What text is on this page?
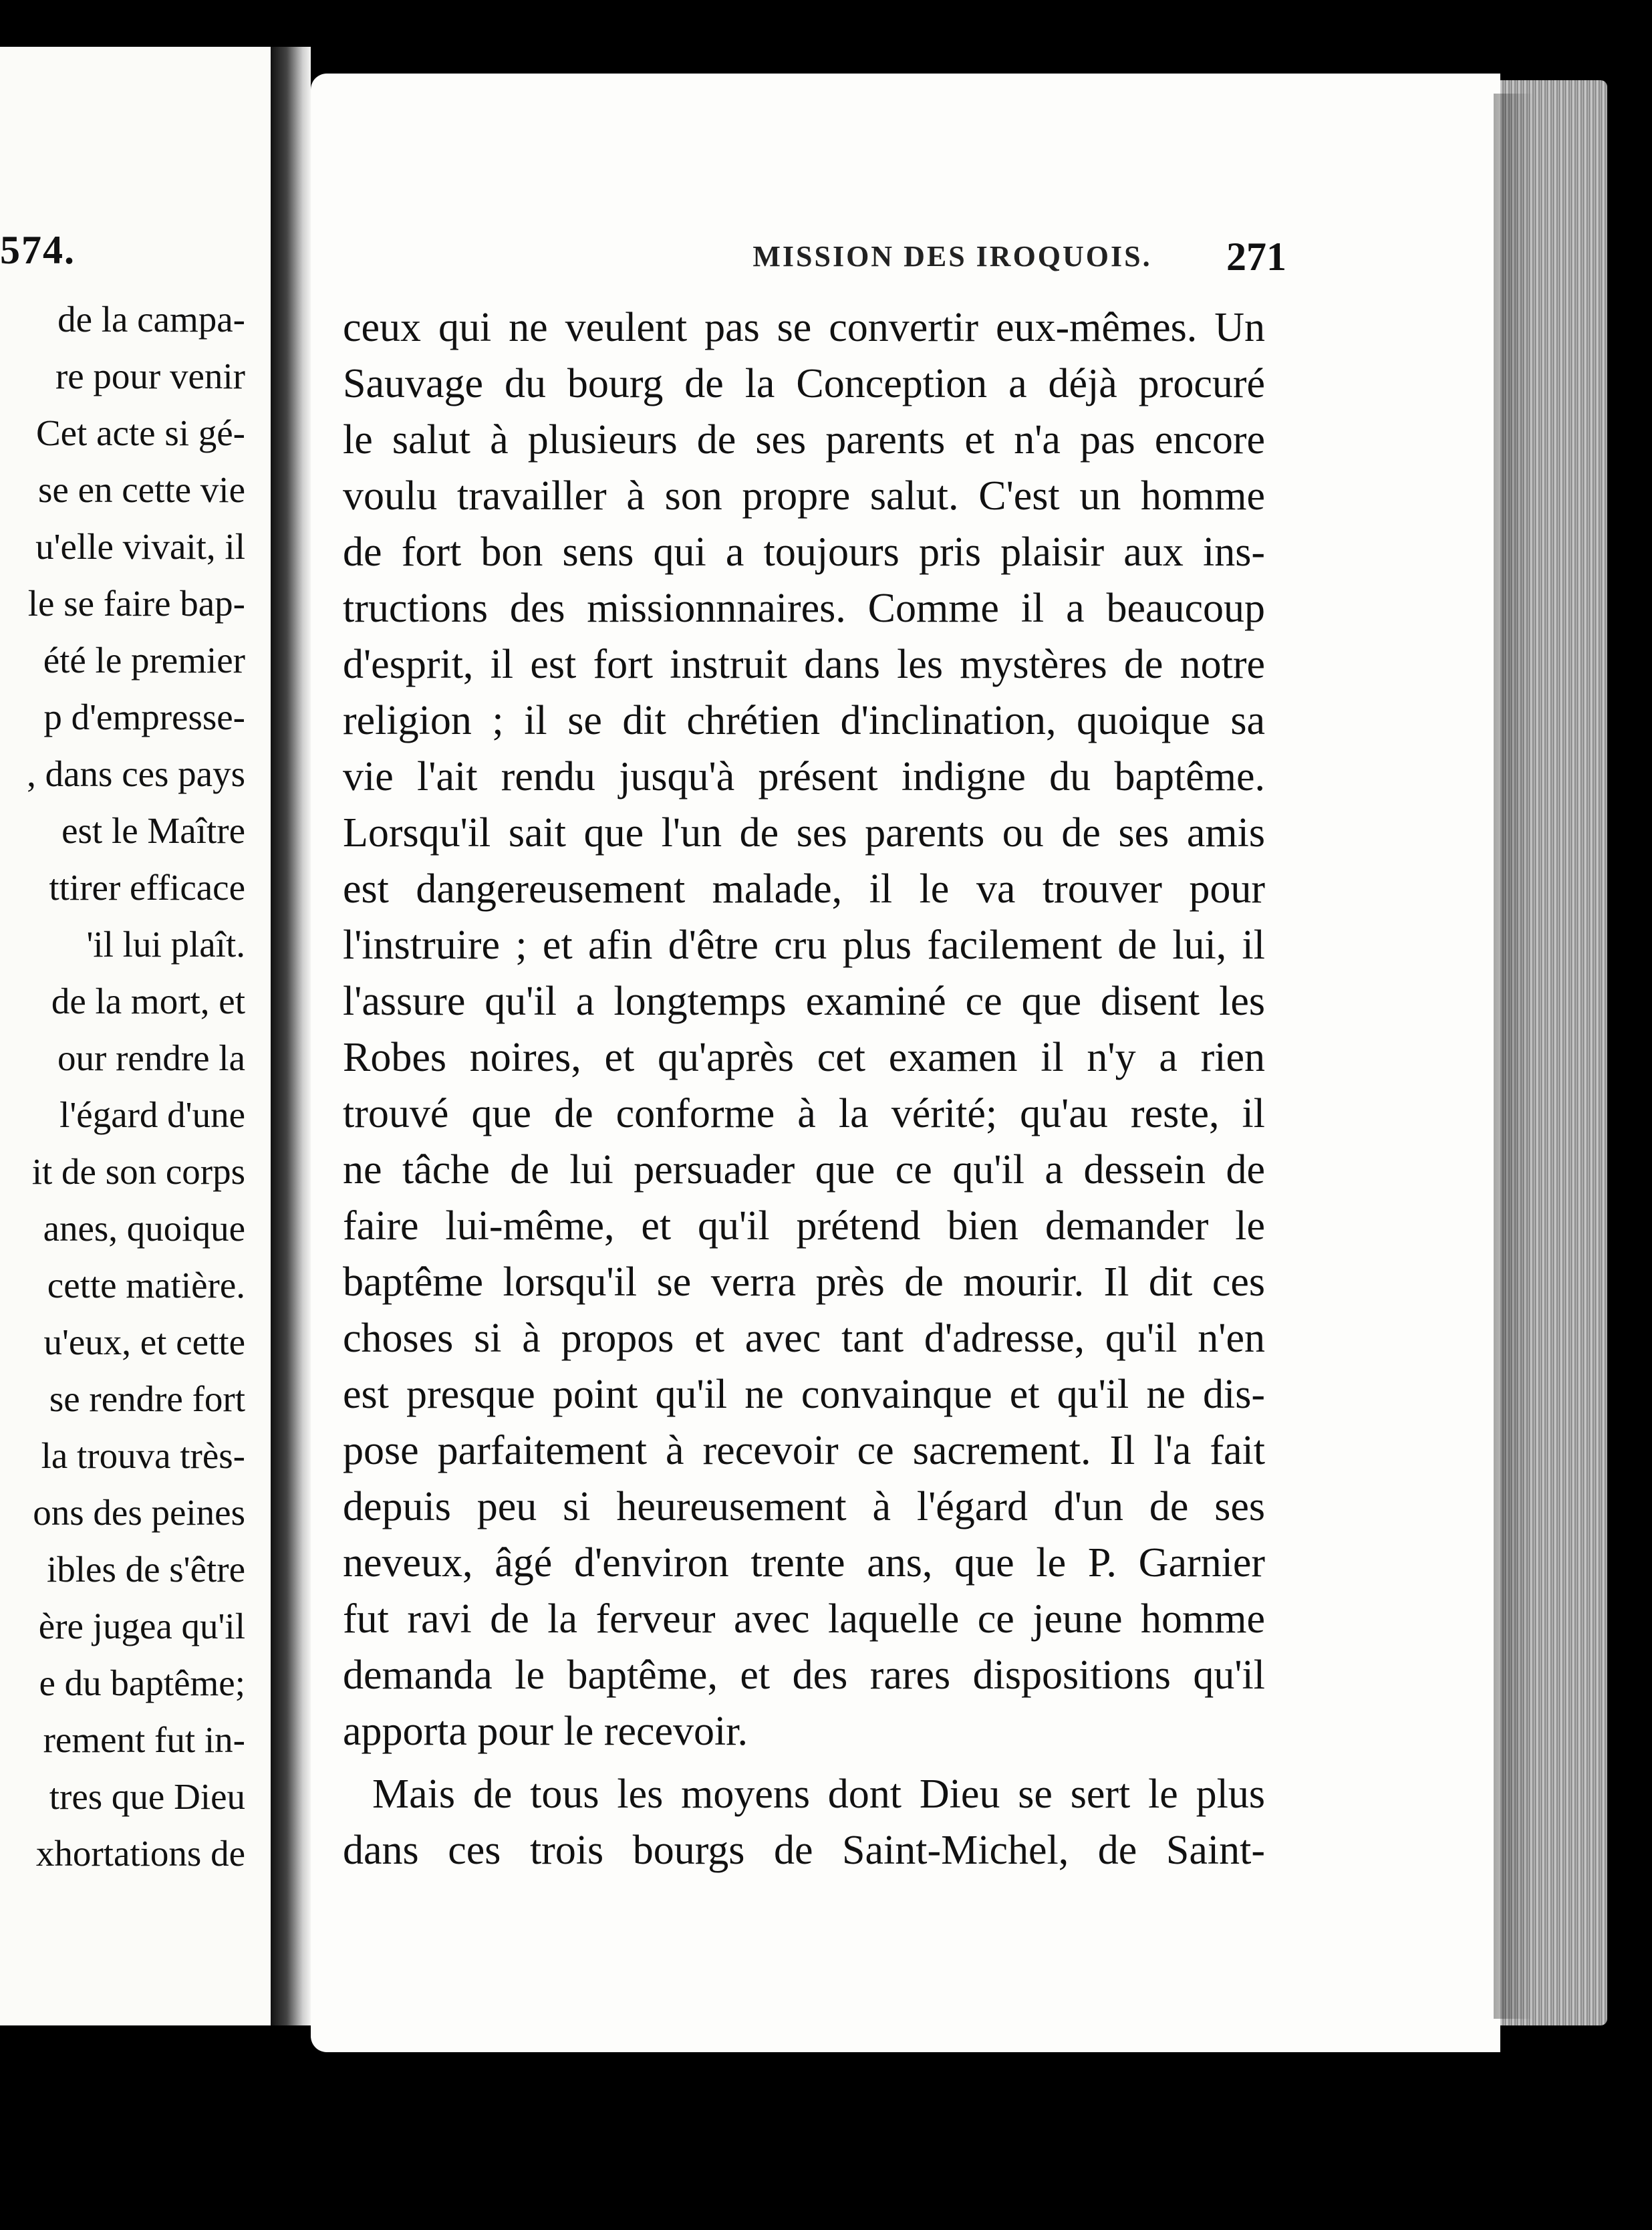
574.
de la campa-
re pour venir
Cet acte si gé-
se en cette vie
u'elle vivait, il
le se faire bap-
été le premier
p d'empresse-
, dans ces pays
est le Maître
ttirer efficace
'il lui plaît.
de la mort, et
our rendre la
l'égard d'une
it de son corps
anes, quoique
cette matière.
u'eux, et cette
se rendre fort
la trouva très-
ons des peines
ibles de s'être
ère jugea qu'il
e du baptême;
rement fut in-
tres que Dieu
xhortations de
MISSION DES IROQUOIS.	271
ceux qui ne veulent pas se convertir eux-mêmes. Un
Sauvage du bourg de la Conception a déjà procuré
le salut à plusieurs de ses parents et n'a pas encore
voulu travailler à son propre salut. C'est un homme
de fort bon sens qui a toujours pris plaisir aux ins-
tructions des missionnnaires. Comme il a beaucoup
d'esprit, il est fort instruit dans les mystères de notre
religion ; il se dit chrétien d'inclination, quoique sa
vie l'ait rendu jusqu'à présent indigne du baptême.
Lorsqu'il sait que l'un de ses parents ou de ses amis
est dangereusement malade, il le va trouver pour
l'instruire ; et afin d'être cru plus facilement de lui, il
l'assure qu'il a longtemps examiné ce que disent les
Robes noires, et qu'après cet examen il n'y a rien
trouvé que de conforme à la vérité; qu'au reste, il
ne tâche de lui persuader que ce qu'il a dessein de
faire lui-même, et qu'il prétend bien demander le
baptême lorsqu'il se verra près de mourir. Il dit ces
choses si à propos et avec tant d'adresse, qu'il n'en
est presque point qu'il ne convainque et qu'il ne dis-
pose parfaitement à recevoir ce sacrement. Il l'a fait
depuis peu si heureusement à l'égard d'un de ses
neveux, âgé d'environ trente ans, que le P. Garnier
fut ravi de la ferveur avec laquelle ce jeune homme
demanda le baptême, et des rares dispositions qu'il
apporta pour le recevoir.
Mais de tous les moyens dont Dieu se sert le plus
dans ces trois bourgs de Saint-Michel, de Saint-
